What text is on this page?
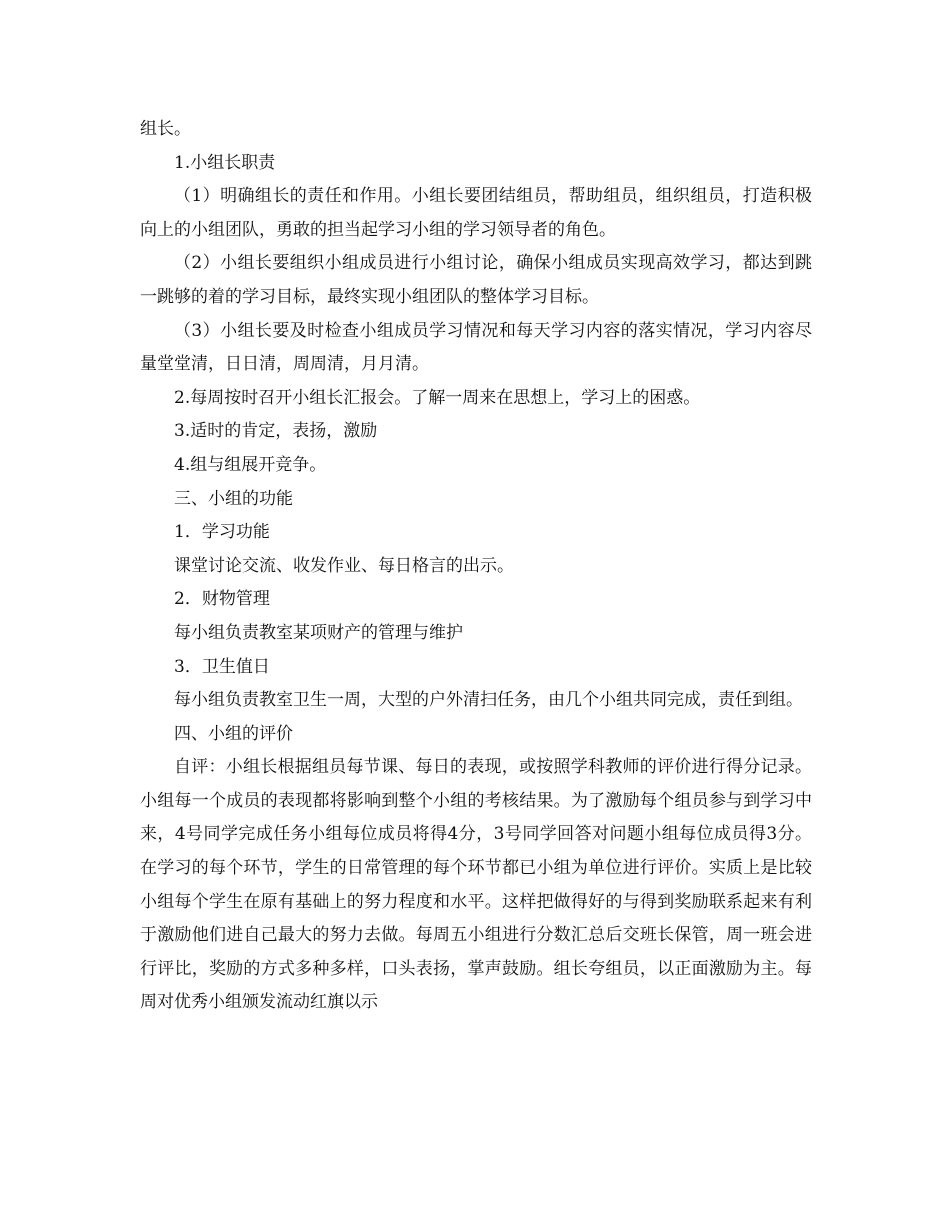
组长。

1.小组长职责

（1）明确组长的责任和作用。小组长要团结组员，帮助组员，组织组员，打造积极向上的小组团队，勇敢的担当起学习小组的学习领导者的角色。

（2）小组长要组织小组成员进行小组讨论，确保小组成员实现高效学习，都达到跳一跳够的着的学习目标，最终实现小组团队的整体学习目标。

（3）小组长要及时检查小组成员学习情况和每天学习内容的落实情况，学习内容尽量堂堂清，日日清，周周清，月月清。

2.每周按时召开小组长汇报会。了解一周来在思想上，学习上的困惑。

3.适时的肯定，表扬，激励

4.组与组展开竞争。

三、小组的功能

1．学习功能

课堂讨论交流、收发作业、每日格言的出示。

2．财物管理

每小组负责教室某项财产的管理与维护

3．卫生值日

每小组负责教室卫生一周，大型的户外清扫任务，由几个小组共同完成，责任到组。

四、小组的评价

自评：小组长根据组员每节课、每日的表现，或按照学科教师的评价进行得分记录。小组每一个成员的表现都将影响到整个小组的考核结果。为了激励每个组员参与到学习中来，4号同学完成任务小组每位成员将得4分，3号同学回答对问题小组每位成员得3分。在学习的每个环节，学生的日常管理的每个环节都已小组为单位进行评价。实质上是比较小组每个学生在原有基础上的努力程度和水平。这样把做得好的与得到奖励联系起来有利于激励他们进自己最大的努力去做。每周五小组进行分数汇总后交班长保管，周一班会进行评比，奖励的方式多种多样，口头表扬，掌声鼓励。组长夸组员，以正面激励为主。每周对优秀小组颁发流动红旗以示
